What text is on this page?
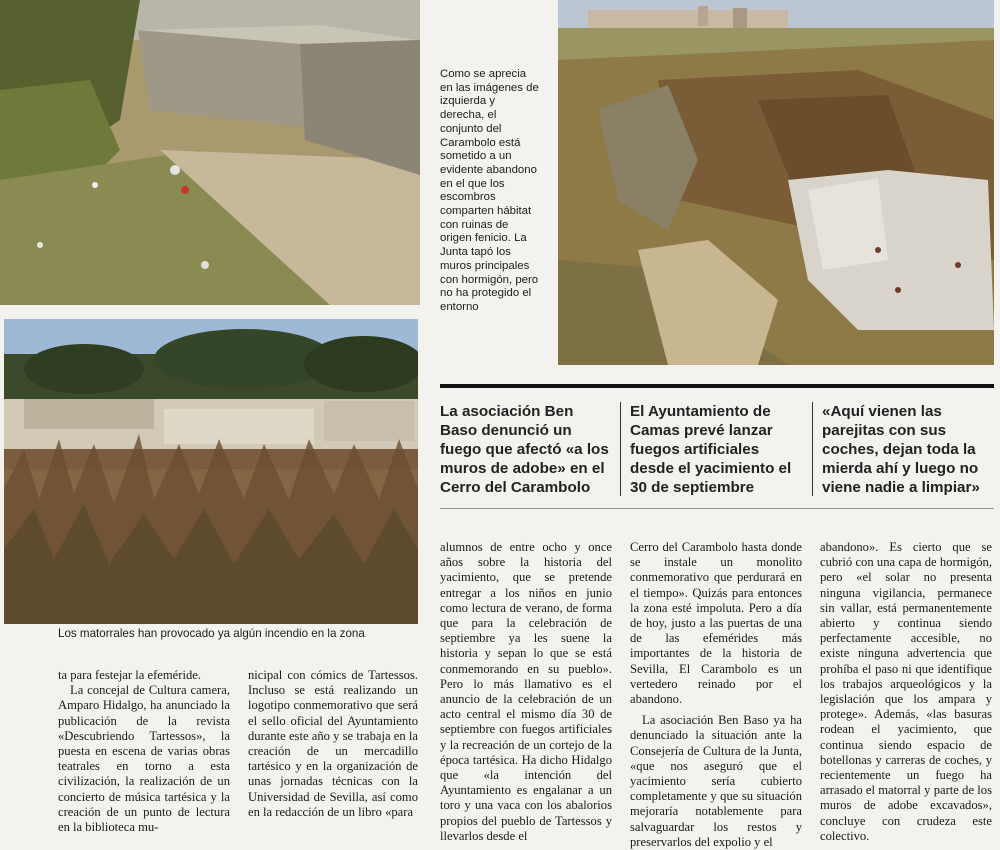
Como se aprecia en las imágenes de izquierda y derecha, el conjunto del Carambolo está sometido a un evidente abandono en el que los escombros comparten hábitat con ruinas de origen fenicio. La Junta tapó los muros principales con hormigón, pero no ha protegido el entorno
Los matorrales han provocado ya algún incendio en la zona
La asociación Ben Baso denunció un fuego que afectó «a los muros de adobe» en el Cerro del Carambolo
El Ayuntamiento de Camas prevé lanzar fuegos artificiales desde el yacimiento el 30 de septiembre
«Aquí vienen las parejitas con sus coches, dejan toda la mierda ahí y luego no viene nadie a limpiar»

ta para festejar la efeméride.

La concejal de Cultura camera, Amparo Hidalgo, ha anunciado la publicación de la revista «Descubriendo Tartessos», la puesta en escena de varias obras teatrales en torno a esta civilización, la realización de un concierto de música tartésica y la creación de un punto de lectura en la biblioteca mu-

nicipal con cómics de Tartessos. Incluso se está realizando un logotipo conmemorativo que será el sello oficial del Ayuntamiento durante este año y se trabaja en la creación de un mercadillo tartésico y en la organización de unas jornadas técnicas con la Universidad de Sevilla, así como en la redacción de un libro «para

alumnos de entre ocho y once años sobre la historia del yacimiento, que se pretende entregar a los niños en junio como lectura de verano, de forma que para la celebración de septiembre ya les suene la historia y sepan lo que se está conmemorando en su pueblo». Pero lo más llamativo es el anuncio de la celebración de un acto central el mismo día 30 de septiembre con fuegos artificiales y la recreación de un cortejo de la época tartésica. Ha dicho Hidalgo que «la intención del Ayuntamiento es engalanar a un toro y una vaca con los abalorios propios del pueblo de Tartessos y llevarlos desde el

Cerro del Carambolo hasta donde se instale un monolito conmemorativo que perdurará en el tiempo». Quizás para entonces la zona esté impoluta. Pero a día de hoy, justo a las puertas de una de las efemérides más importantes de la historia de Sevilla, El Carambolo es un vertedero reinado por el abandono.

La asociación Ben Baso ya ha denunciado la situación ante la Consejería de Cultura de la Junta, «que nos aseguró que el yacimiento sería cubierto completamente y que su situación mejoraría notablemente para salvaguardar los restos y preservarlos del expolio y el

abandono». Es cierto que se cubrió con una capa de hormigón, pero «el solar no presenta ninguna vigilancia, permanece sin vallar, está permanentemente abierto y continua siendo perfectamente accesible, no existe ninguna advertencia que prohíba el paso ni que identifique los trabajos arqueológicos y la legislación que los ampara y protege». Además, «las basuras rodean el yacimiento, que continua siendo espacio de botellonas y carreras de coches, y recientemente un fuego ha arrasado el matorral y parte de los muros de adobe excavados», concluye con crudeza este colectivo.
